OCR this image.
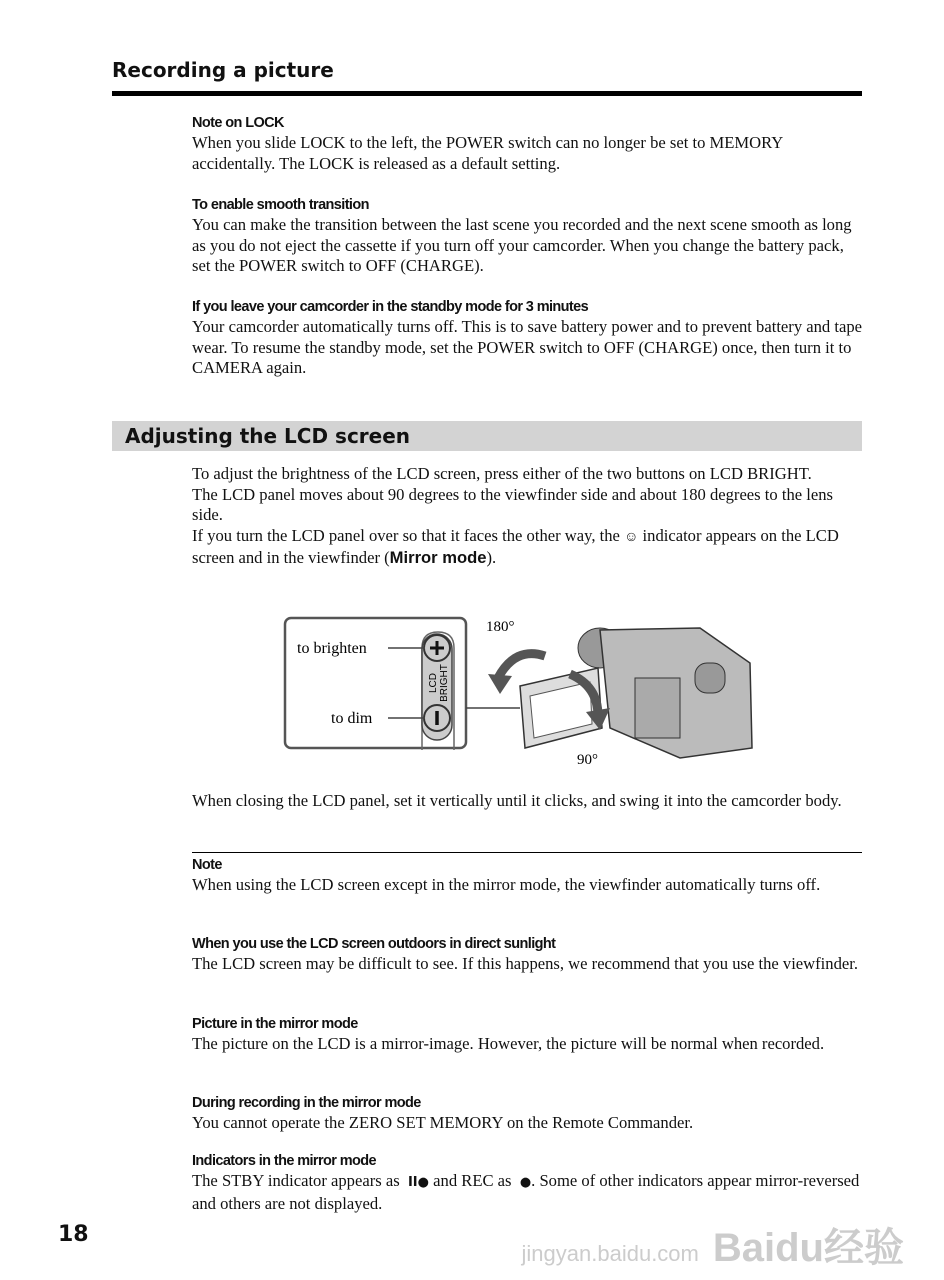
Recording a picture
Note on LOCK
When you slide LOCK to the left, the POWER switch can no longer be set to MEMORY accidentally. The LOCK is released as a default setting.
To enable smooth transition
You can make the transition between the last scene you recorded and the next scene smooth as long as you do not eject the cassette if you turn off your camcorder. When you change the battery pack, set the POWER switch to OFF (CHARGE).
If you leave your camcorder in the standby mode for 3 minutes
Your camcorder automatically turns off. This is to save battery power and to prevent battery and tape wear. To resume the standby mode, set the POWER switch to OFF (CHARGE) once, then turn it to CAMERA again.
Adjusting the LCD screen
To adjust the brightness of the LCD screen, press either of the two buttons on LCD BRIGHT.
The LCD panel moves about 90 degrees to the viewfinder side and about 180 degrees to the lens side.
If you turn the LCD panel over so that it faces the other way, the ☺ indicator appears on the LCD screen and in the viewfinder (Mirror mode).
LCD BRIGHT
to brighten
to dim
180°
90°
When closing the LCD panel, set it vertically until it clicks, and swing it into the camcorder body.
Note
When using the LCD screen except in the mirror mode, the viewfinder automatically turns off.
When you use the LCD screen outdoors in direct sunlight
The LCD screen may be difficult to see. If this happens, we recommend that you use the viewfinder.
Picture in the mirror mode
The picture on the LCD is a mirror-image. However, the picture will be normal when recorded.
During recording in the mirror mode
You cannot operate the ZERO SET MEMORY on the Remote Commander.
Indicators in the mirror mode
The STBY indicator appears as II● and REC as ●. Some of other indicators appear mirror-reversed and others are not displayed.
jingyan.baidu.com Baidu经验
18
